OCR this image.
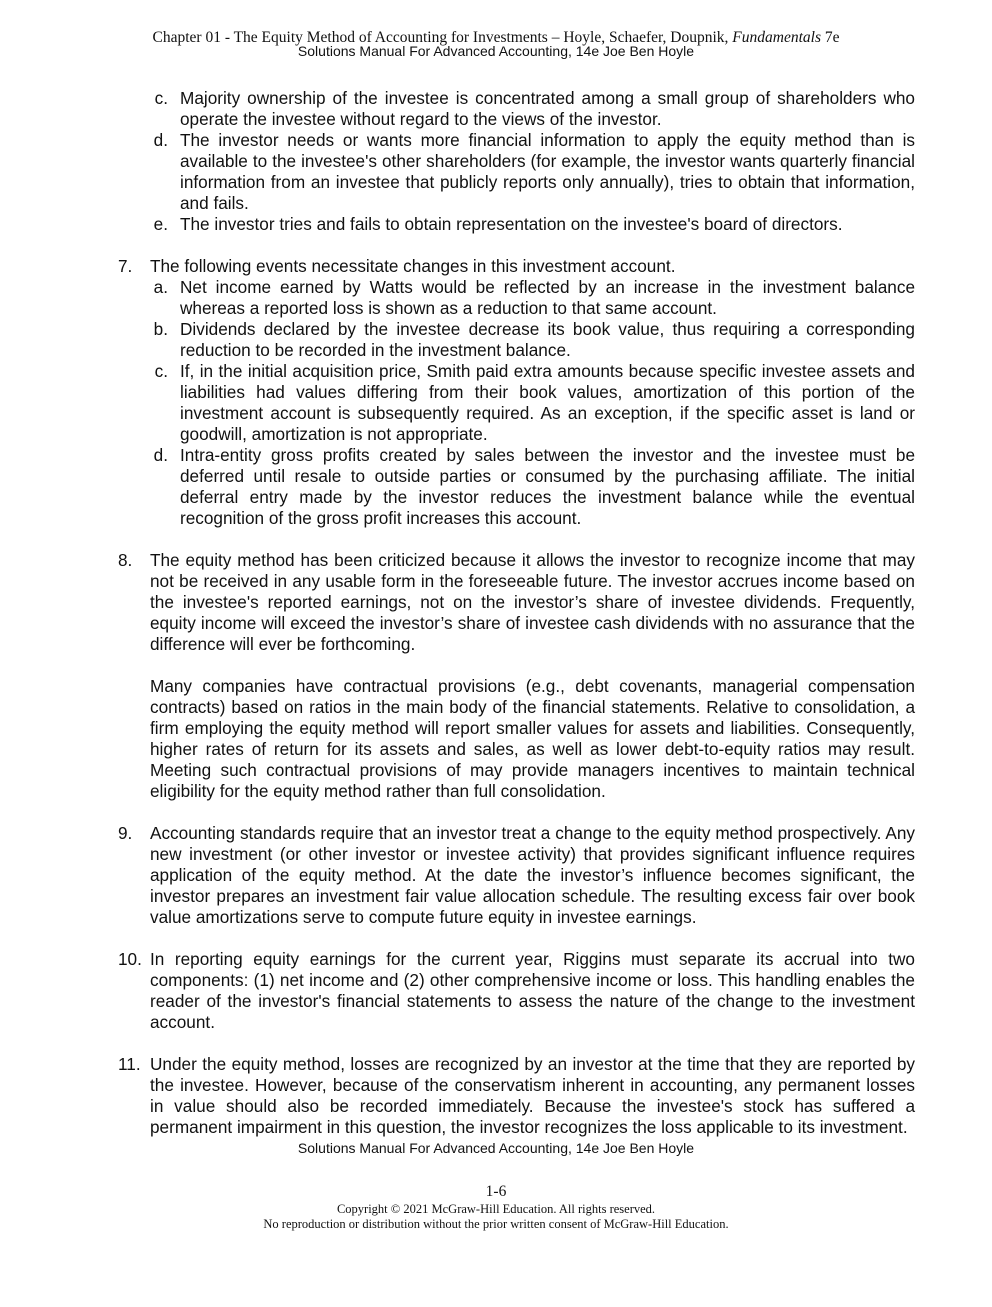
Chapter 01 - The Equity Method of Accounting for Investments – Hoyle, Schaefer, Doupnik, Fundamentals 7e
Solutions Manual For Advanced Accounting, 14e Joe Ben Hoyle
c. Majority ownership of the investee is concentrated among a small group of shareholders who operate the investee without regard to the views of the investor.
d. The investor needs or wants more financial information to apply the equity method than is available to the investee's other shareholders (for example, the investor wants quarterly financial information from an investee that publicly reports only annually), tries to obtain that information, and fails.
e. The investor tries and fails to obtain representation on the investee's board of directors.
7.	The following events necessitate changes in this investment account.
a. Net income earned by Watts would be reflected by an increase in the investment balance whereas a reported loss is shown as a reduction to that same account.
b. Dividends declared by the investee decrease its book value, thus requiring a corresponding reduction to be recorded in the investment balance.
c. If, in the initial acquisition price, Smith paid extra amounts because specific investee assets and liabilities had values differing from their book values, amortization of this portion of the investment account is subsequently required. As an exception, if the specific asset is land or goodwill, amortization is not appropriate.
d. Intra-entity gross profits created by sales between the investor and the investee must be deferred until resale to outside parties or consumed by the purchasing affiliate. The initial deferral entry made by the investor reduces the investment balance while the eventual recognition of the gross profit increases this account.
8.	The equity method has been criticized because it allows the investor to recognize income that may not be received in any usable form in the foreseeable future. The investor accrues income based on the investee's reported earnings, not on the investor’s share of investee dividends. Frequently, equity income will exceed the investor’s share of investee cash dividends with no assurance that the difference will ever be forthcoming.
Many companies have contractual provisions (e.g., debt covenants, managerial compensation contracts) based on ratios in the main body of the financial statements. Relative to consolidation, a firm employing the equity method will report smaller values for assets and liabilities. Consequently, higher rates of return for its assets and sales, as well as lower debt-to-equity ratios may result. Meeting such contractual provisions of may provide managers incentives to maintain technical eligibility for the equity method rather than full consolidation.
9.	Accounting standards require that an investor treat a change to the equity method prospectively. Any new investment (or other investor or investee activity) that provides significant influence requires application of the equity method. At the date the investor’s influence becomes significant, the investor prepares an investment fair value allocation schedule. The resulting excess fair over book value amortizations serve to compute future equity in investee earnings.
10. In reporting equity earnings for the current year, Riggins must separate its accrual into two components: (1) net income and (2) other comprehensive income or loss. This handling enables the reader of the investor's financial statements to assess the nature of the change to the investment account.
11. Under the equity method, losses are recognized by an investor at the time that they are reported by the investee. However, because of the conservatism inherent in accounting, any permanent losses in value should also be recorded immediately. Because the investee's stock has suffered a permanent impairment in this question, the investor recognizes the loss applicable to its investment.
Solutions Manual For Advanced Accounting, 14e Joe Ben Hoyle
1-6
Copyright © 2021 McGraw-Hill Education. All rights reserved.
No reproduction or distribution without the prior written consent of McGraw-Hill Education.
